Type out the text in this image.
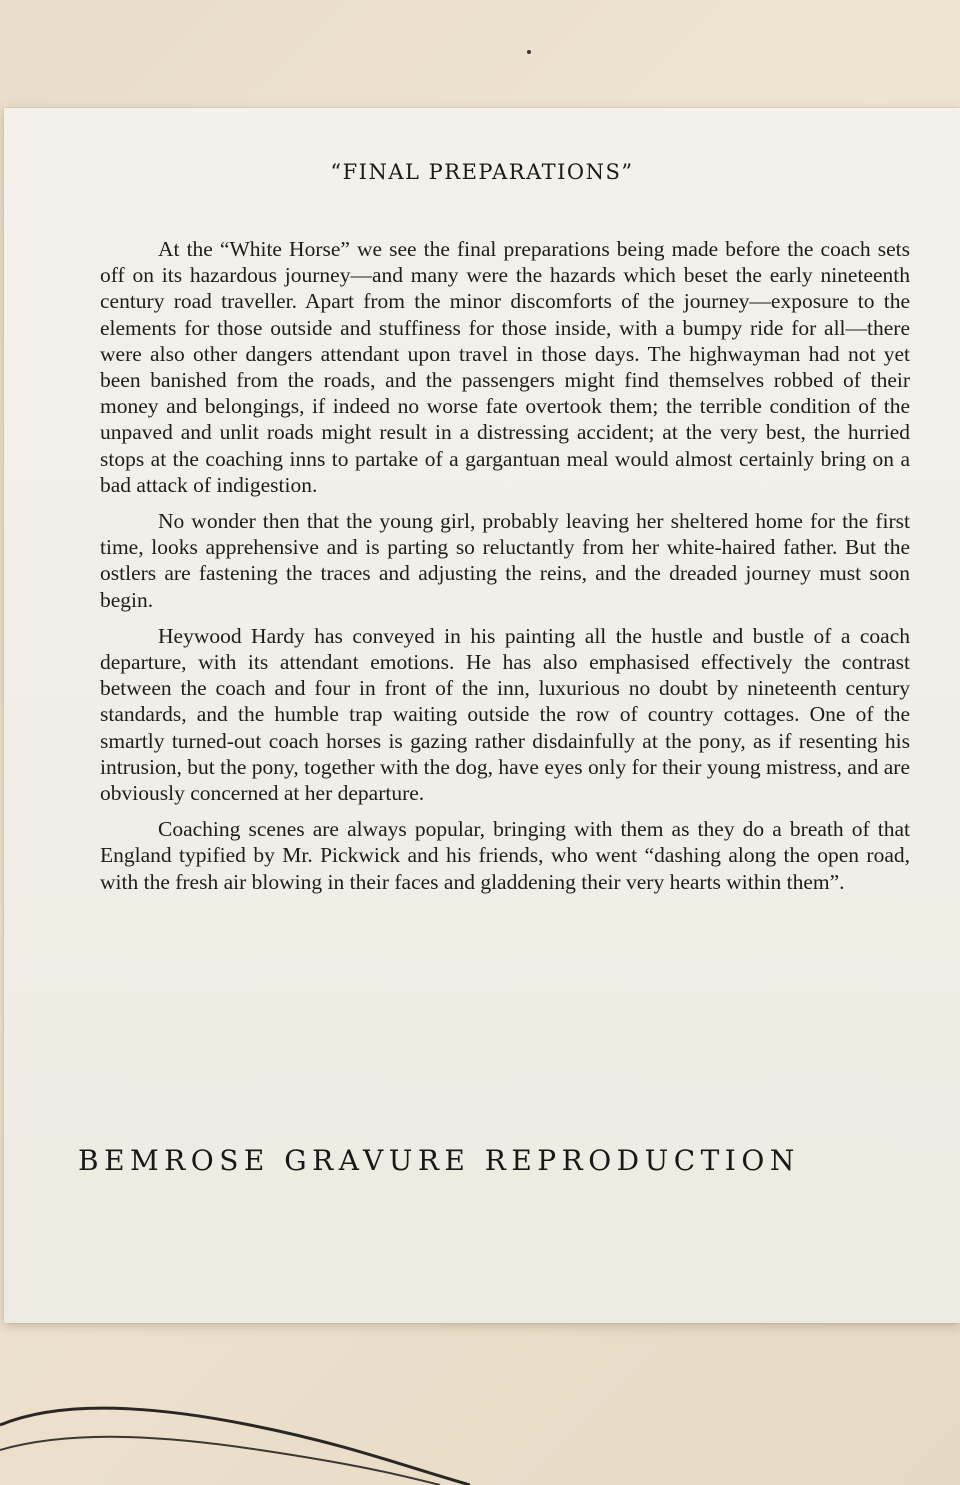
“FINAL PREPARATIONS”

At the “White Horse” we see the final preparations being made before the coach sets off on its hazardous journey—and many were the hazards which beset the early nineteenth century road traveller. Apart from the minor discomforts of the journey—exposure to the elements for those outside and stuffiness for those inside, with a bumpy ride for all—there were also other dangers attendant upon travel in those days. The highwayman had not yet been banished from the roads, and the passengers might find themselves robbed of their money and belongings, if indeed no worse fate overtook them; the terrible condition of the unpaved and unlit roads might result in a distressing accident; at the very best, the hurried stops at the coaching inns to partake of a gargantuan meal would almost certainly bring on a bad attack of indigestion.

No wonder then that the young girl, probably leaving her sheltered home for the first time, looks apprehensive and is parting so reluctantly from her white-haired father. But the ostlers are fastening the traces and adjusting the reins, and the dreaded journey must soon begin.

Heywood Hardy has conveyed in his painting all the hustle and bustle of a coach departure, with its attendant emotions. He has also emphasised effectively the contrast between the coach and four in front of the inn, luxurious no doubt by nineteenth century standards, and the humble trap waiting outside the row of country cottages. One of the smartly turned-out coach horses is gazing rather disdainfully at the pony, as if resenting his intrusion, but the pony, together with the dog, have eyes only for their young mistress, and are obviously concerned at her departure.

Coaching scenes are always popular, bringing with them as they do a breath of that England typified by Mr. Pickwick and his friends, who went “dashing along the open road, with the fresh air blowing in their faces and gladdening their very hearts within them”.

BEMROSE GRAVURE REPRODUCTION
